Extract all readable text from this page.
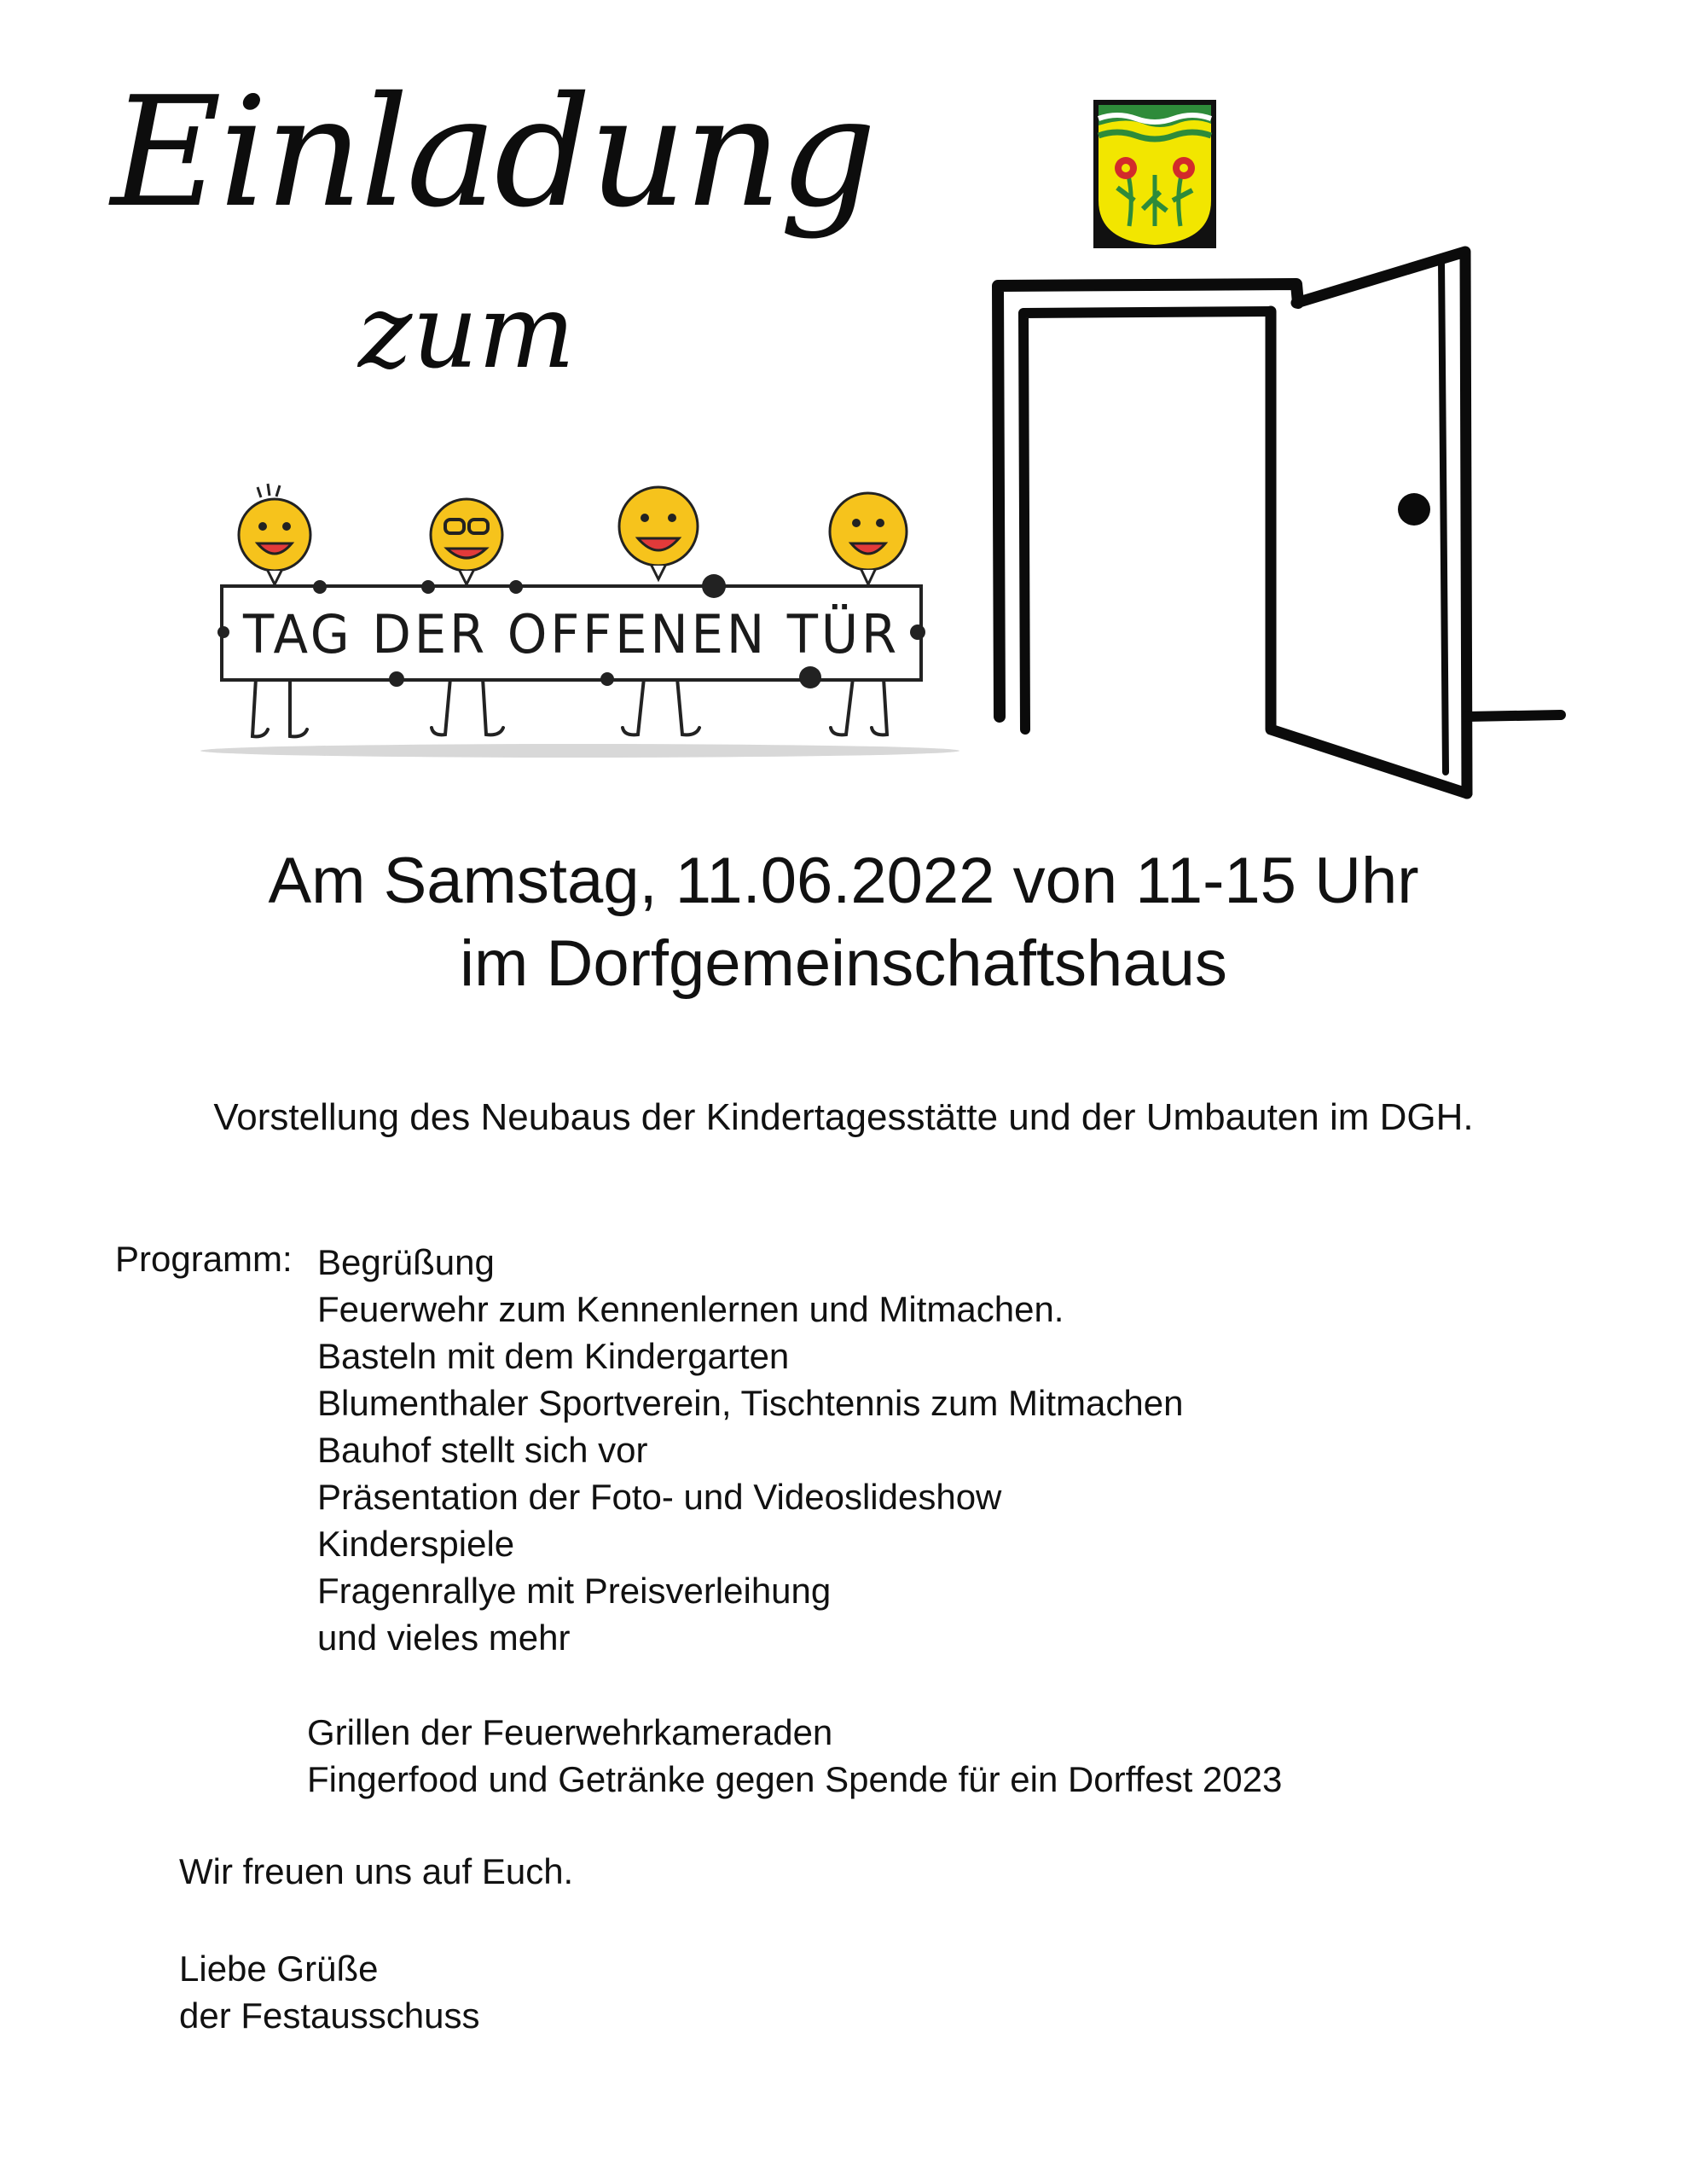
Einladung
zum
TAG DER OFFENEN TÜR
Am Samstag, 11.06.2022 von 11-15 Uhr
im Dorfgemeinschaftshaus
Vorstellung des Neubaus der Kindertagesstätte und der Umbauten im DGH.
Programm: Begrüßung
Feuerwehr zum Kennenlernen und Mitmachen.
Basteln mit dem Kindergarten
Blumenthaler Sportverein, Tischtennis zum Mitmachen
Bauhof stellt sich vor
Präsentation der Foto- und Videoslideshow
Kinderspiele
Fragenrallye mit Preisverleihung
und vieles mehr
Grillen der Feuerwehrkameraden
Fingerfood und Getränke gegen Spende für ein Dorffest 2023
Wir freuen uns auf Euch.
Liebe Grüße
der Festausschuss
